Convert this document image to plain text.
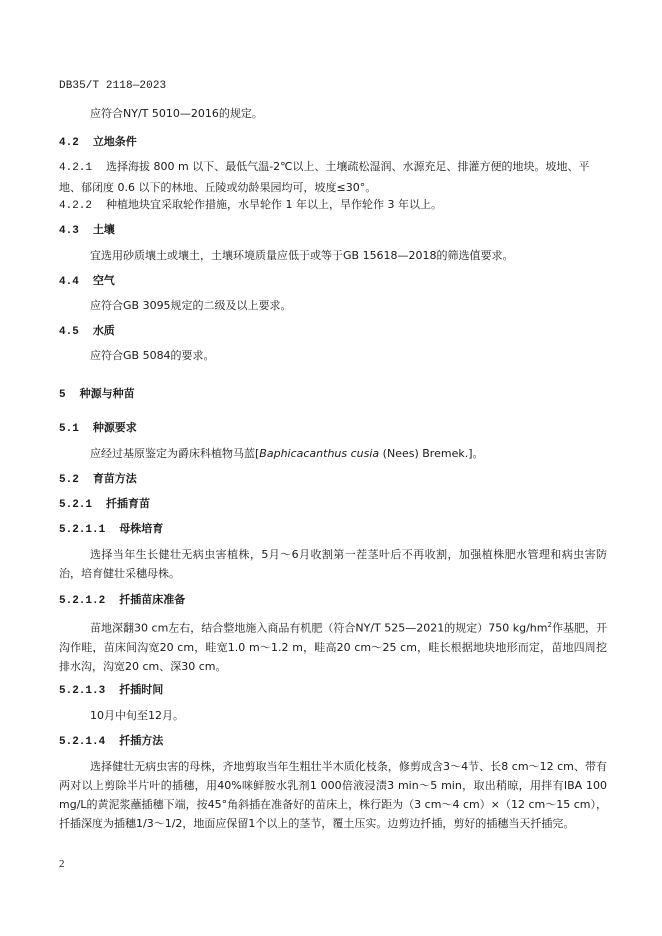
DB35/T 2118—2023
应符合NY/T 5010—2016的规定。
4.2 立地条件
4.2.1 选择海拔 800 m 以下、最低气温-2℃以上、土壤疏松湿润、水源充足、排灌方便的地块。坡地、平地、郁闭度 0.6 以下的林地、丘陵或幼龄果园均可，坡度≤30°。
4.2.2 种植地块宜采取轮作措施，水旱轮作 1 年以上，旱作轮作 3 年以上。
4.3 土壤
宜选用砂质壤土或壤土，土壤环境质量应低于或等于GB 15618—2018的筛选值要求。
4.4 空气
应符合GB 3095规定的二级及以上要求。
4.5 水质
应符合GB 5084的要求。
5 种源与种苗
5.1 种源要求
应经过基原鉴定为爵床科植物马蓝[Baphicacanthus cusia (Nees) Bremek.]。
5.2 育苗方法
5.2.1 扦插育苗
5.2.1.1 母株培育
选择当年生长健壮无病虫害植株，5月～6月收割第一茬茎叶后不再收割，加强植株肥水管理和病虫害防治，培育健壮采穗母株。
5.2.1.2 扦插苗床准备
苗地深翻30 cm左右，结合整地施入商品有机肥（符合NY/T 525—2021的规定）750 $kg/hm^2$作基肥，开沟作畦，苗床间沟宽20 cm，畦宽1.0 m～1.2 m，畦高20 cm～25 cm，畦长根据地块地形而定，苗地四周挖排水沟，沟宽20 cm、深30 cm。
5.2.1.3 扦插时间
10月中旬至12月。
5.2.1.4 扦插方法
选择健壮无病虫害的母株，齐地剪取当年生粗壮半木质化枝条，修剪成含3～4节、长8 cm～12 cm、带有两对以上剪除半片叶的插穗，用40%咪鲜胺水乳剂1 000倍液浸渍3 min～5 min，取出稍晾，用拌有IBA 100 mg/L的黄泥浆蘸插穗下端，按45°角斜插在准备好的苗床上，株行距为（3 cm～4 cm）×（12 cm～15 cm），扦插深度为插穗1/3～1/2，地面应保留1个以上的茎节，覆土压实。边剪边扦插，剪好的插穗当天扦插完。
2
